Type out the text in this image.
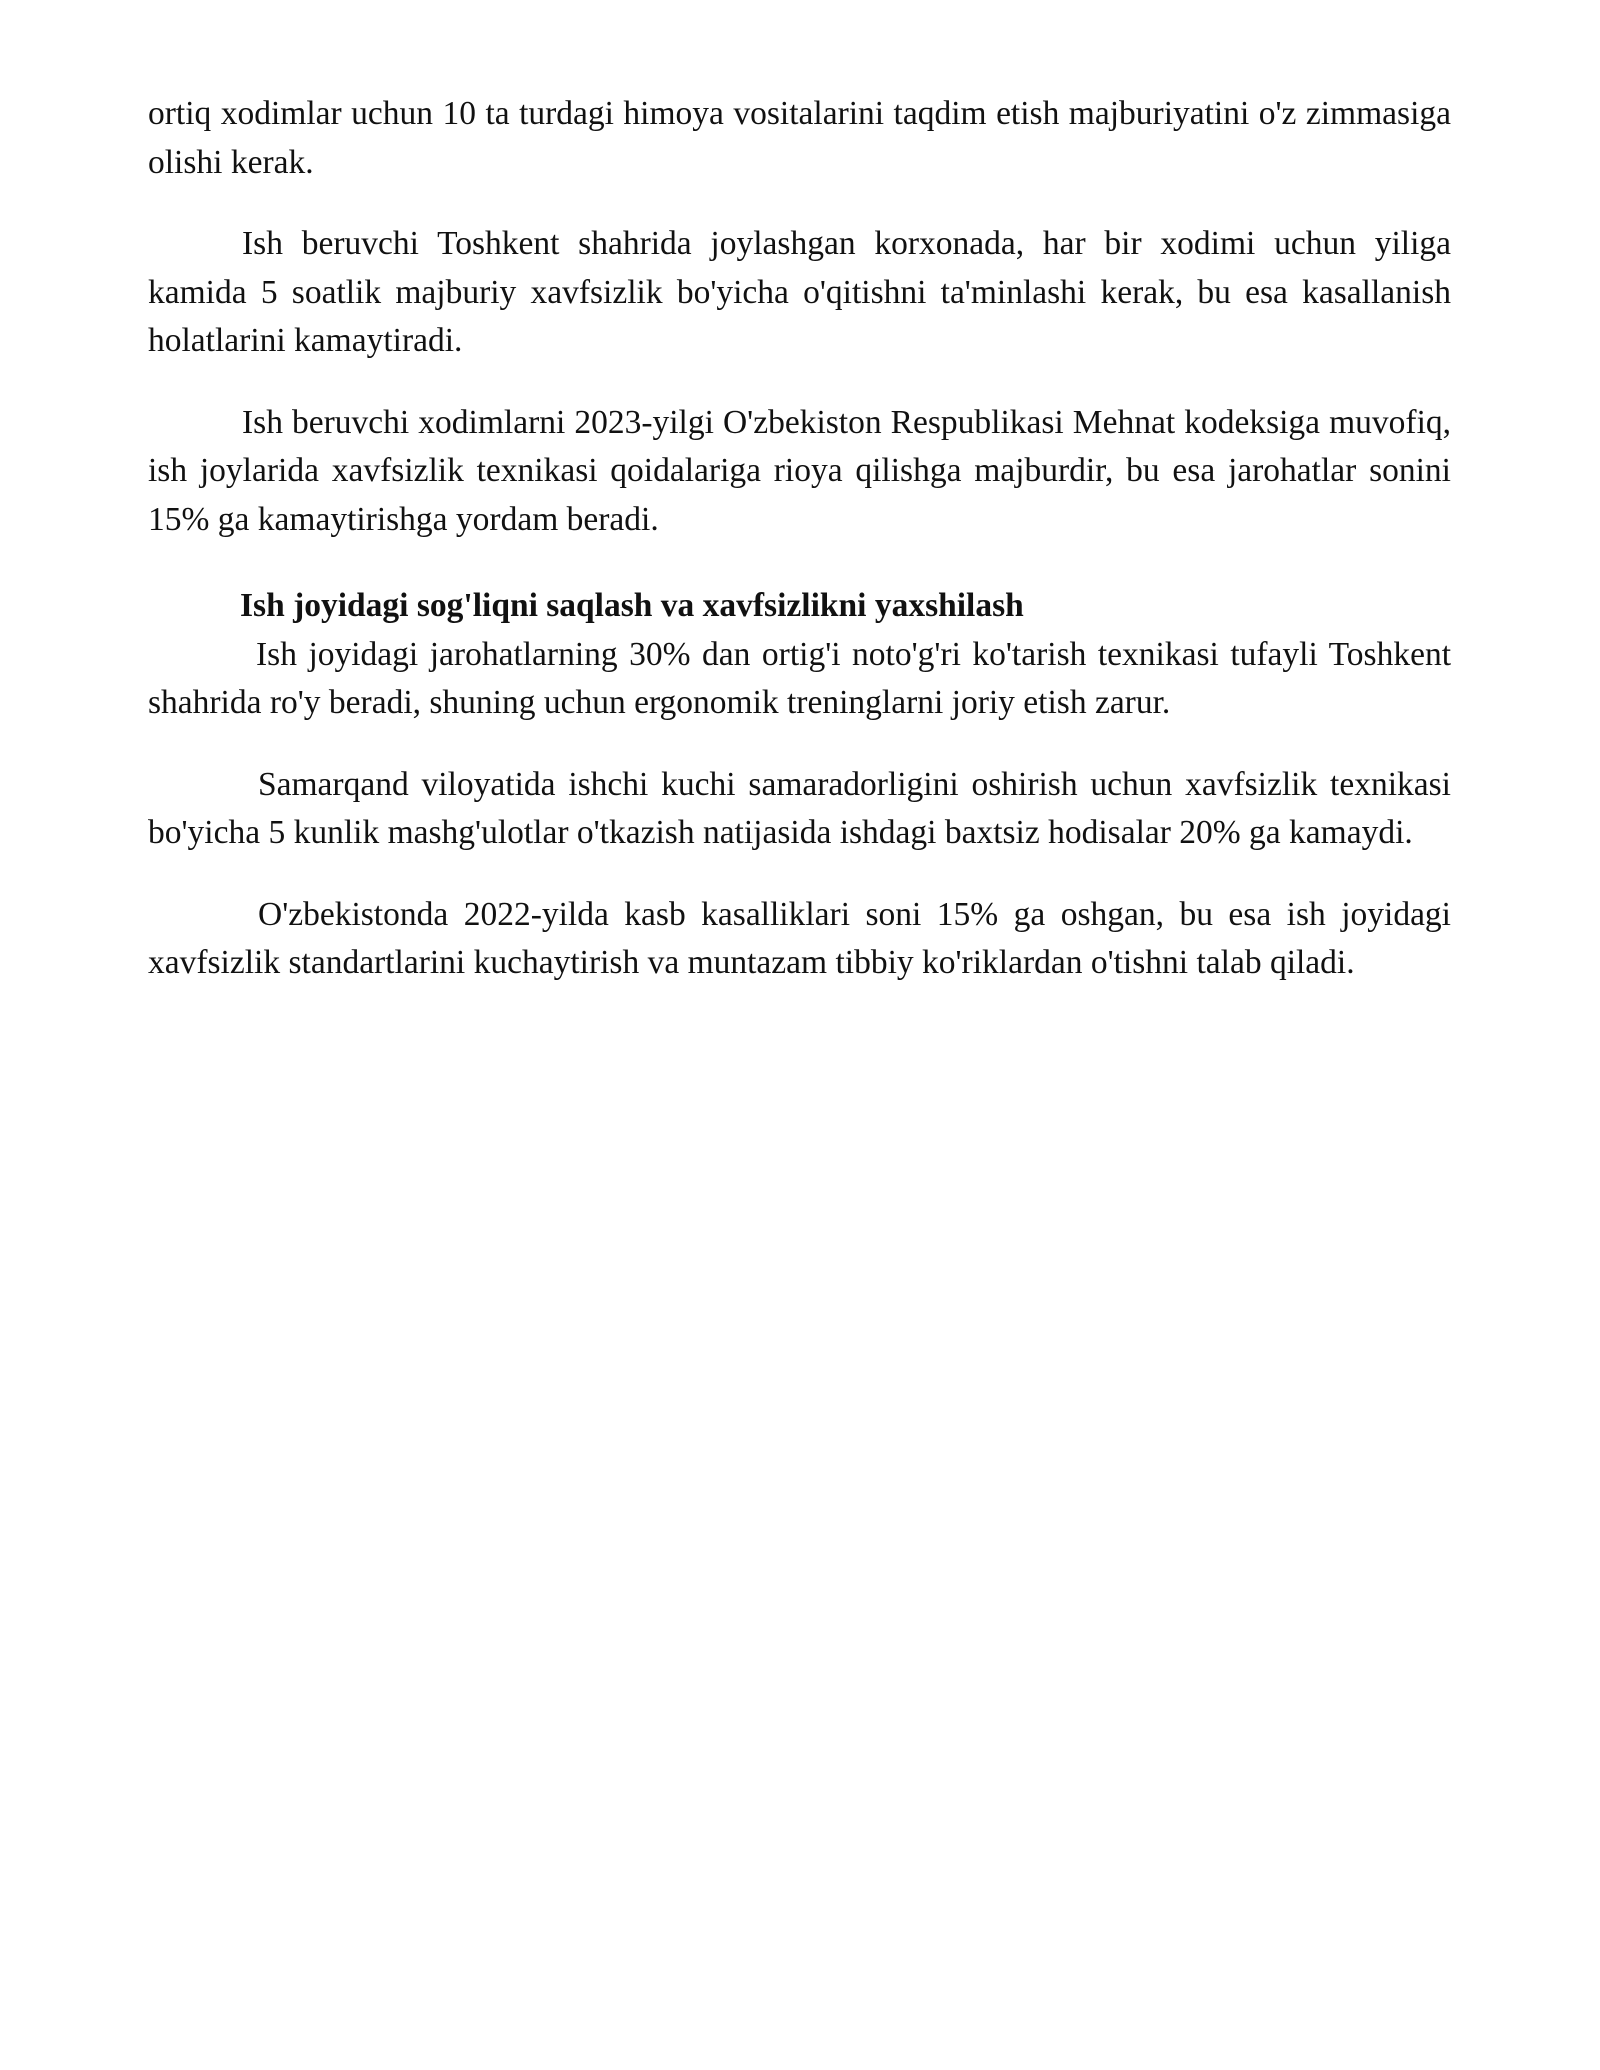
ortiq xodimlar uchun 10 ta turdagi himoya vositalarini taqdim etish majburiyatini o'z zimmasiga olishi kerak.

Ish beruvchi Toshkent shahrida joylashgan korxonada, har bir xodimi uchun yiliga kamida 5 soatlik majburiy xavfsizlik bo'yicha o'qitishni ta'minlashi kerak, bu esa kasallanish holatlarini kamaytiradi.

Ish beruvchi xodimlarni 2023-yilgi O'zbekiston Respublikasi Mehnat kodeksiga muvofiq, ish joylarida xavfsizlik texnikasi qoidalariga rioya qilishga majburdir, bu esa jarohatlar sonini 15% ga kamaytirishga yordam beradi.

Ish joyidagi sog'liqni saqlash va xavfsizlikni yaxshilash

Ish joyidagi jarohatlarning 30% dan ortig'i noto'g'ri ko'tarish texnikasi tufayli Toshkent shahrida ro'y beradi, shuning uchun ergonomik treninglarni joriy etish zarur.

Samarqand viloyatida ishchi kuchi samaradorligini oshirish uchun xavfsizlik texnikasi bo'yicha 5 kunlik mashg'ulotlar o'tkazish natijasida ishdagi baxtsiz hodisalar 20% ga kamaydi.

O'zbekistonda 2022-yilda kasb kasalliklari soni 15% ga oshgan, bu esa ish joyidagi xavfsizlik standartlarini kuchaytirish va muntazam tibbiy ko'riklardan o'tishni talab qiladi.
